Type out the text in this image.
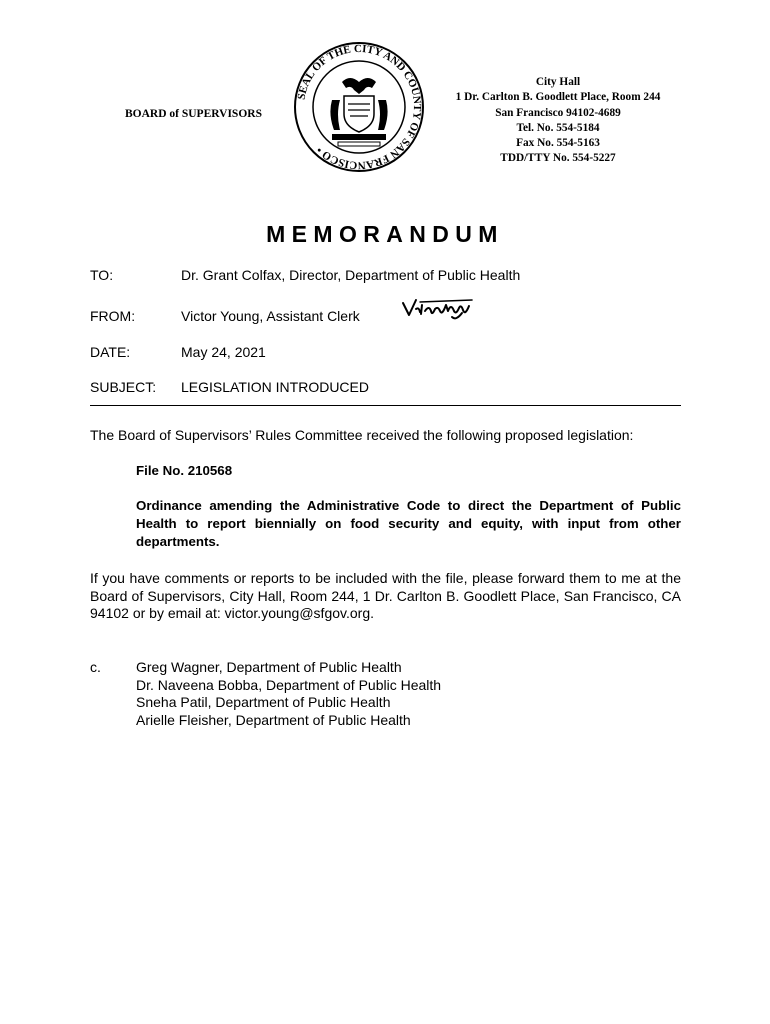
BOARD of SUPERVISORS
SEAL OF THE CITY AND COUNTY OF SAN FRANCISCO •
City Hall
1 Dr. Carlton B. Goodlett Place, Room 244
San Francisco 94102-4689
Tel. No. 554-5184
Fax No. 554-5163
TDD/TTY No. 554-5227
MEMORANDUM
TO:	Dr. Grant Colfax, Director, Department of Public Health
FROM:	Victor Young, Assistant Clerk
DATE:	May 24, 2021
SUBJECT: LEGISLATION INTRODUCED
The Board of Supervisors’ Rules Committee received the following proposed legislation:
File No. 210568
Ordinance amending the Administrative Code to direct the Department of Public Health to report biennially on food security and equity, with input from other departments.
If you have comments or reports to be included with the file, please forward them to me at the Board of Supervisors, City Hall, Room 244, 1 Dr. Carlton B. Goodlett Place, San Francisco, CA 94102 or by email at: victor.young@sfgov.org.
c.	Greg Wagner, Department of Public Health
Dr. Naveena Bobba, Department of Public Health
Sneha Patil, Department of Public Health
Arielle Fleisher, Department of Public Health
